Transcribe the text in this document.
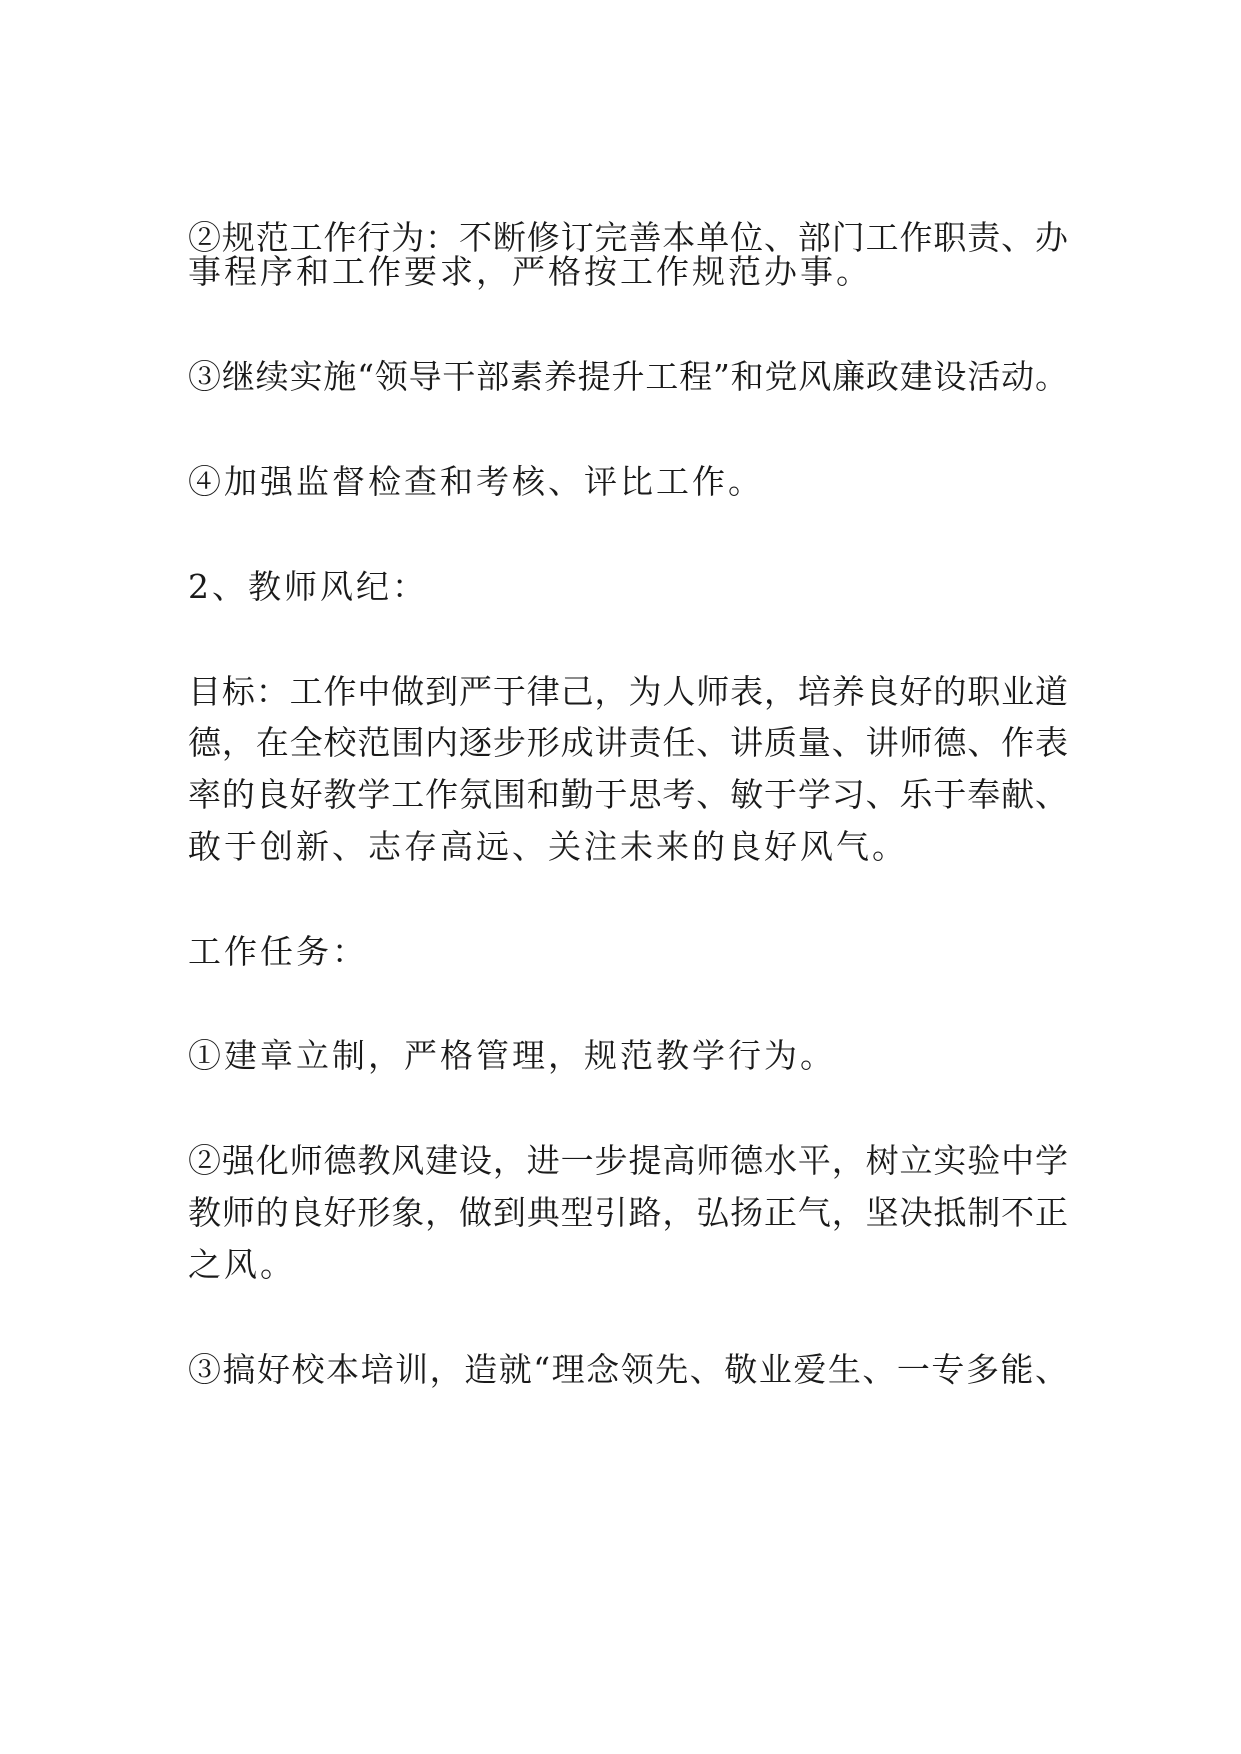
②规范工作行为：不断修订完善本单位、部门工作职责、办

事程序和工作要求，严格按工作规范办事。

③继续实施“领导干部素养提升工程”和党风廉政建设活动。

④加强监督检查和考核、评比工作。

2、教师风纪：

目标：工作中做到严于律己，为人师表，培养良好的职业道

德，在全校范围内逐步形成讲责任、讲质量、讲师德、作表

率的良好教学工作氛围和勤于思考、敏于学习、乐于奉献、

敢于创新、志存高远、关注未来的良好风气。

工作任务：

①建章立制，严格管理，规范教学行为。

②强化师德教风建设，进一步提高师德水平，树立实验中学

教师的良好形象，做到典型引路，弘扬正气，坚决抵制不正

之风。

③搞好校本培训，造就“理念领先、敬业爱生、一专多能、
